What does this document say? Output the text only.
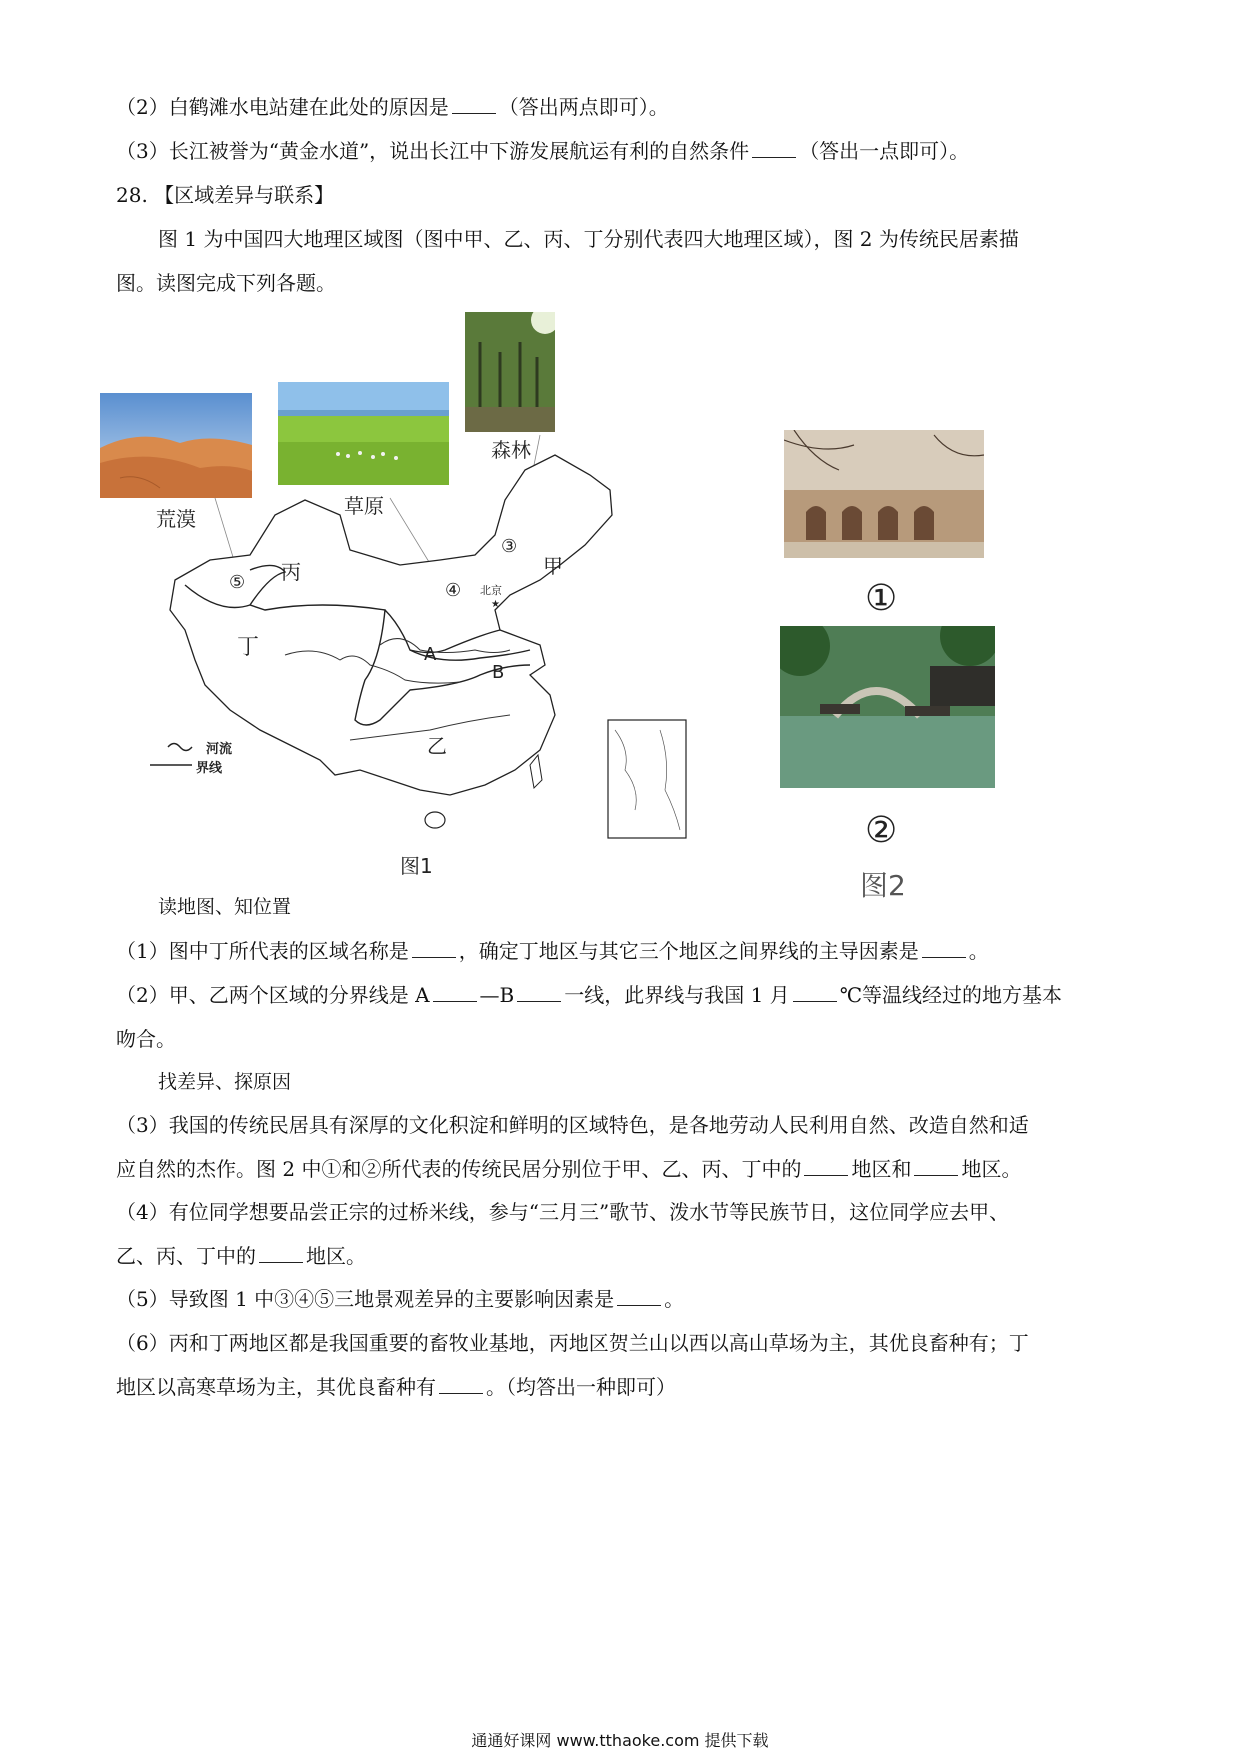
（2）白鹤滩水电站建在此处的原因是	（答出两点即可）。
（3）长江被誉为“黄金水道”，说出长江中下游发展航运有利的自然条件	（答出一点即可）。
28. 【区域差异与联系】
图 1 为中国四大地理区域图（图中甲、乙、丙、丁分别代表四大地理区域），图 2 为传统民居素描
图。读图完成下列各题。
荒漠
草原
森林
★
甲
乙
丙
丁
③
④
⑤
A
B
北京
河流
界线
图1
①
②
图2
读地图、知位置
（1）图中丁所代表的区域名称是	，确定丁地区与其它三个地区之间界线的主导因素是	。
（2）甲、乙两个区域的分界线是 A	—B	一线，此界线与我国 1 月	℃等温线经过的地方基本
吻合。
找差异、探原因
（3）我国的传统民居具有深厚的文化积淀和鲜明的区域特色，是各地劳动人民利用自然、改造自然和适
应自然的杰作。图 2 中①和②所代表的传统民居分别位于甲、乙、丙、丁中的	地区和	地区。
（4）有位同学想要品尝正宗的过桥米线，参与“三月三”歌节、泼水节等民族节日，这位同学应去甲、
乙、丙、丁中的	地区。
（5）导致图 1 中③④⑤三地景观差异的主要影响因素是	。
（6）丙和丁两地区都是我国重要的畜牧业基地，丙地区贺兰山以西以高山草场为主，其优良畜种有；丁
地区以高寒草场为主，其优良畜种有	。（均答出一种即可）
通通好课网 www.tthaoke.com 提供下载
